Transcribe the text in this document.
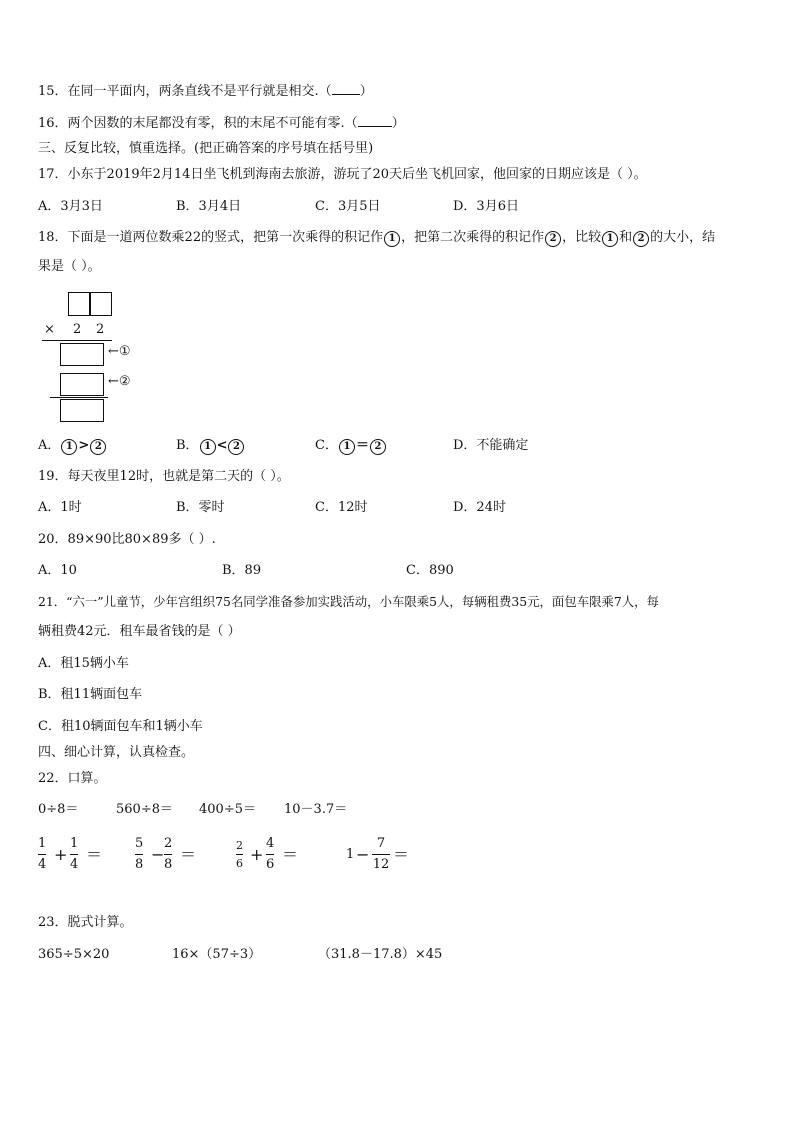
15．在同一平面内，两条直线不是平行就是相交.（ ）
16．两个因数的末尾都没有零，积的末尾不可能有零.（	）
三、反复比较，慎重选择。(把正确答案的序号填在括号里)
17．小东于2019年2月14日坐飞机到海南去旅游，游玩了20天后坐飞机回家，他回家的日期应该是（ ）。
A．3月3日	B．3月4日	C．3月5日	D．3月6日
18．下面是一道两位数乘22的竖式，把第一次乘得的积记作 1 ，把第二次乘得的积记作 2 ，比较 1 和 2 的大小，结
果是（ ）。
× 2 2
←①
←②
A． 1 > 2	B． 1 < 2	C． 1 ＝ 2	D．不能确定
19．每天夜里12时，也就是第二天的（ ）。
A．1时	B．零时	C．12时	D．24时
20．89×90比80×89多（ ）.
A．10	B．89	C．890
21．“六一”儿童节，少年宫组织75名同学准备参加实践活动，小车限乘5人，每辆租费35元，面包车限乘7人，每
辆租费42元．租车最省钱的是（ ）
A．租15辆小车
B．租11辆面包车
C．租10辆面包车和1辆小车
四、细心计算，认真检查。
22．口算。
0÷8＝	560÷8＝ 400÷5＝ 10－3.7＝
1
4
+
1
4
＝
5
8
−
2
8
＝	2
6 +
4
6
＝	1 −
7
12
＝
23．脱式计算。
365÷5×20	16×（57÷3）	（31.8－17.8）×45
